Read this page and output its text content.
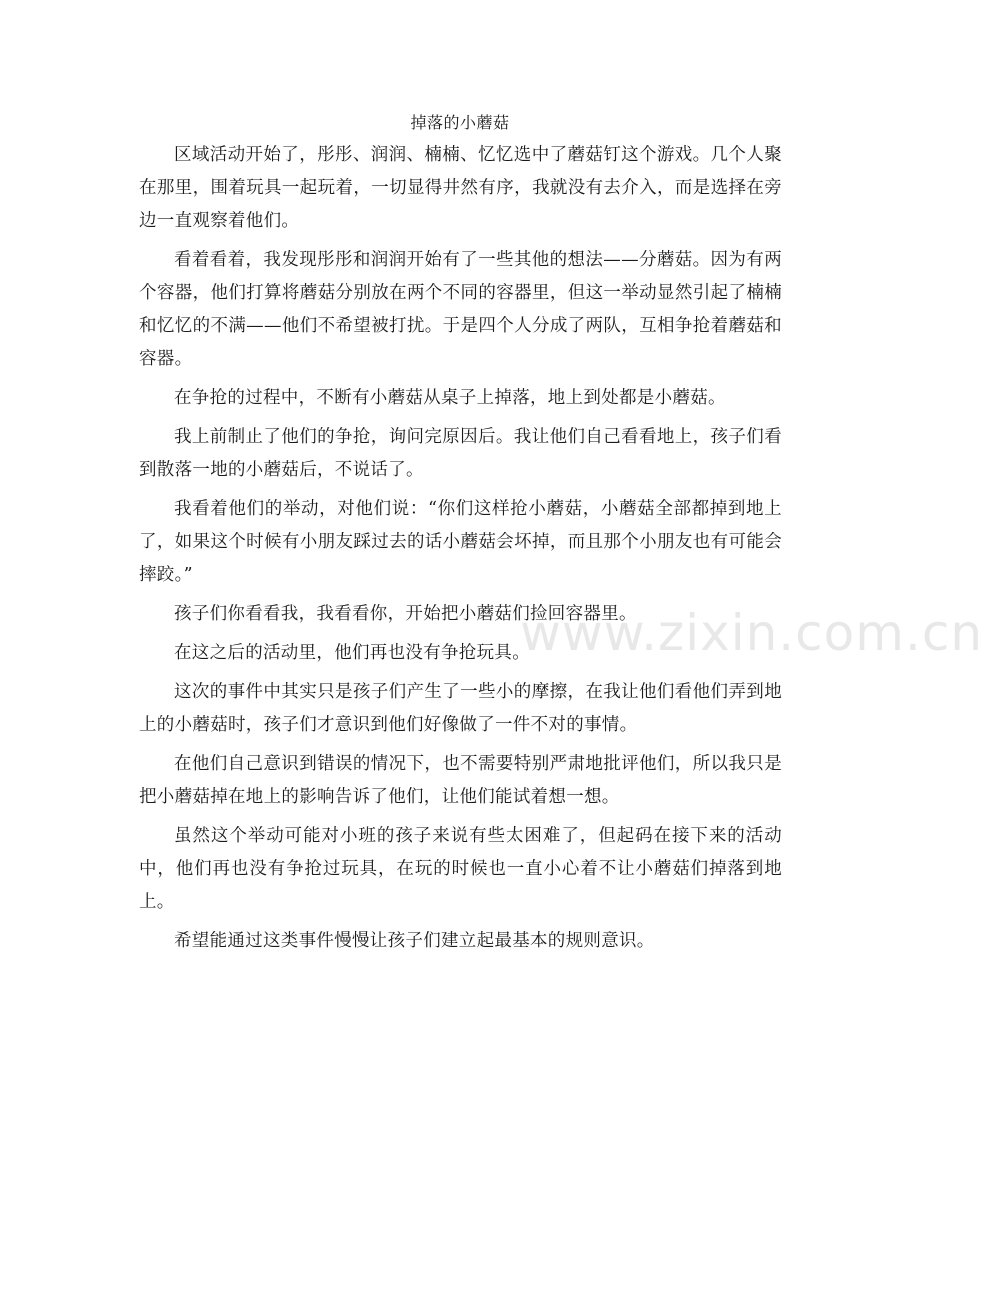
掉落的小蘑菇

区域活动开始了，彤彤、润润、楠楠、忆忆选中了蘑菇钉这个游戏。几个人聚在那里，围着玩具一起玩着，一切显得井然有序，我就没有去介入，而是选择在旁边一直观察着他们。

看着看着，我发现彤彤和润润开始有了一些其他的想法——分蘑菇。因为有两个容器，他们打算将蘑菇分别放在两个不同的容器里，但这一举动显然引起了楠楠和忆忆的不满——他们不希望被打扰。于是四个人分成了两队，互相争抢着蘑菇和容器。

在争抢的过程中，不断有小蘑菇从桌子上掉落，地上到处都是小蘑菇。

我上前制止了他们的争抢，询问完原因后。我让他们自己看看地上，孩子们看到散落一地的小蘑菇后，不说话了。

我看着他们的举动，对他们说：“你们这样抢小蘑菇，小蘑菇全部都掉到地上了，如果这个时候有小朋友踩过去的话小蘑菇会坏掉，而且那个小朋友也有可能会摔跤。”

孩子们你看看我，我看看你，开始把小蘑菇们捡回容器里。

在这之后的活动里，他们再也没有争抢玩具。

这次的事件中其实只是孩子们产生了一些小的摩擦，在我让他们看他们弄到地上的小蘑菇时，孩子们才意识到他们好像做了一件不对的事情。

在他们自己意识到错误的情况下，也不需要特别严肃地批评他们，所以我只是把小蘑菇掉在地上的影响告诉了他们，让他们能试着想一想。

虽然这个举动可能对小班的孩子来说有些太困难了，但起码在接下来的活动中，他们再也没有争抢过玩具，在玩的时候也一直小心着不让小蘑菇们掉落到地上。

希望能通过这类事件慢慢让孩子们建立起最基本的规则意识。

www.zixin.com.cn
